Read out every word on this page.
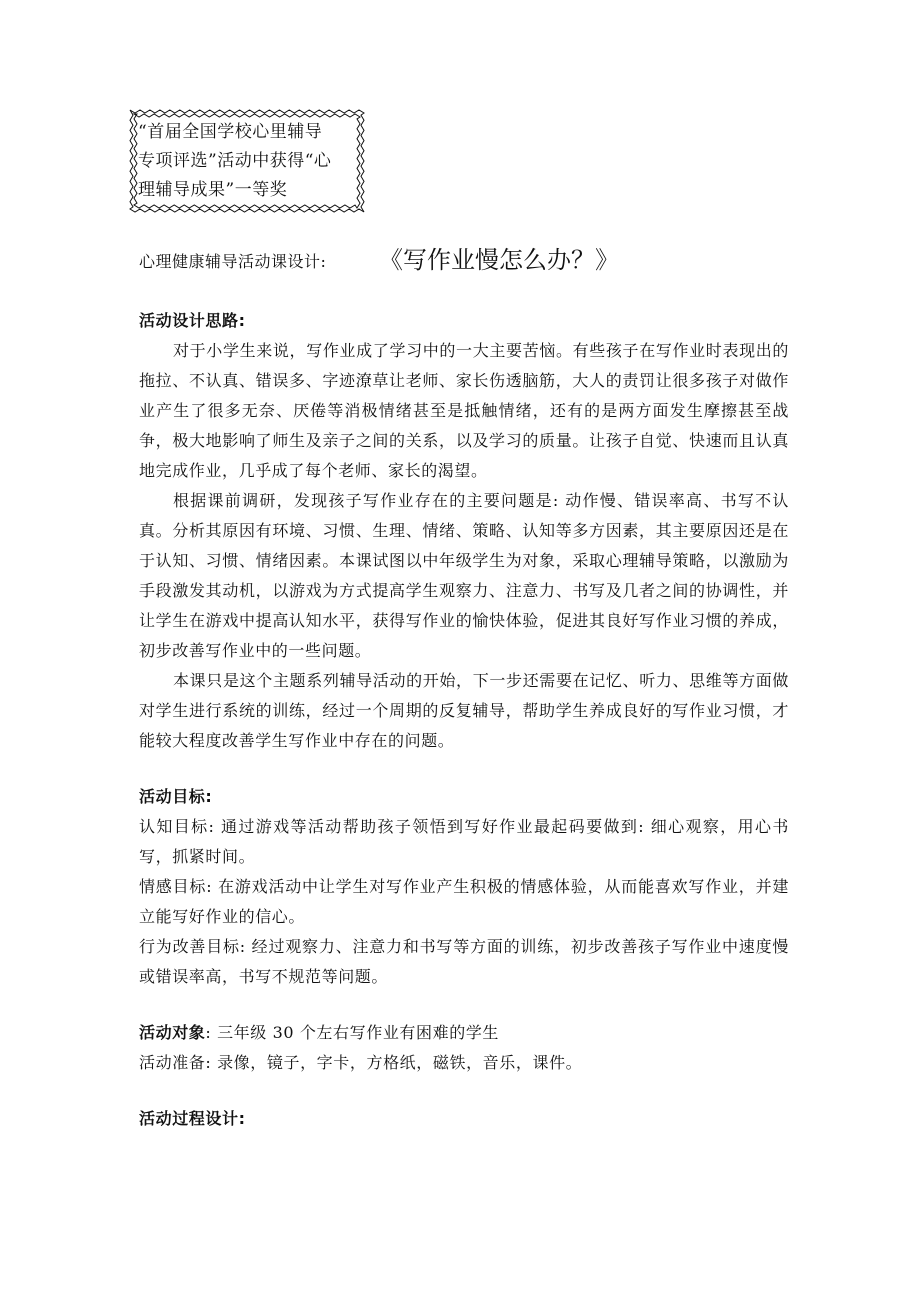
“首届全国学校心里辅导
专项评选”活动中获得“心
理辅导成果”一等奖
心理健康辅导活动课设计: 《写作业慢怎么办？》
活动设计思路:
对于小学生来说，写作业成了学习中的一大主要苦恼。有些孩子在写作业时表现出的拖拉、不认真、错误多、字迹潦草让老师、家长伤透脑筋，大人的责罚让很多孩子对做作业产生了很多无奈、厌倦等消极情绪甚至是抵触情绪，还有的是两方面发生摩擦甚至战争，极大地影响了师生及亲子之间的关系，以及学习的质量。让孩子自觉、快速而且认真地完成作业，几乎成了每个老师、家长的渴望。
根据课前调研，发现孩子写作业存在的主要问题是: 动作慢、错误率高、书写不认真。分析其原因有环境、习惯、生理、情绪、策略、认知等多方因素，其主要原因还是在于认知、习惯、情绪因素。本课试图以中年级学生为对象，采取心理辅导策略，以激励为手段激发其动机，以游戏为方式提高学生观察力、注意力、书写及几者之间的协调性，并让学生在游戏中提高认知水平，获得写作业的愉快体验，促进其良好写作业习惯的养成，初步改善写作业中的一些问题。
本课只是这个主题系列辅导活动的开始，下一步还需要在记忆、听力、思维等方面做对学生进行系统的训练，经过一个周期的反复辅导，帮助学生养成良好的写作业习惯，才能较大程度改善学生写作业中存在的问题。
活动目标:
认知目标: 通过游戏等活动帮助孩子领悟到写好作业最起码要做到: 细心观察，用心书写，抓紧时间。
情感目标: 在游戏活动中让学生对写作业产生积极的情感体验，从而能喜欢写作业，并建立能写好作业的信心。
行为改善目标: 经过观察力、注意力和书写等方面的训练，初步改善孩子写作业中速度慢或错误率高，书写不规范等问题。
活动对象: 三年级 30 个左右写作业有困难的学生
活动准备: 录像，镜子，字卡，方格纸，磁铁，音乐，课件。
活动过程设计:
